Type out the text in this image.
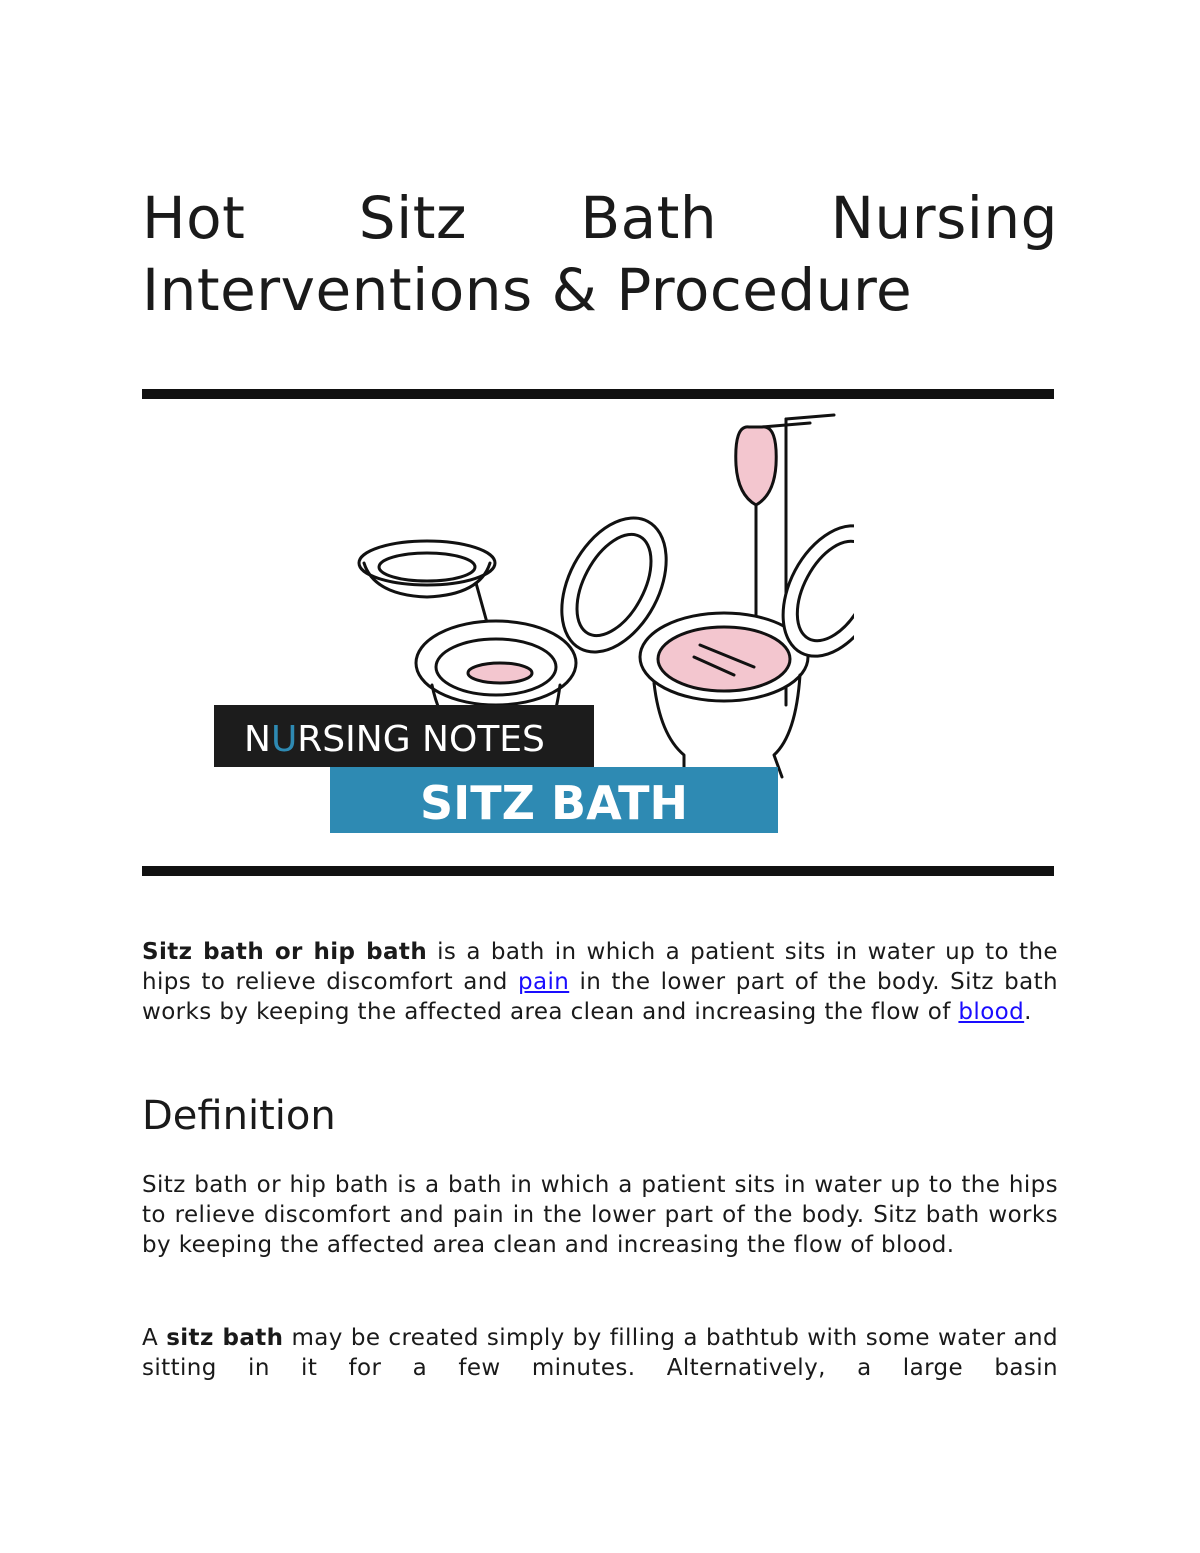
Hot Sitz Bath Nursing
Interventions & Procedure
NURSING NOTES
SITZ BATH

Sitz bath or hip bath is a bath in which a patient sits in water up to the hips to relieve discomfort and pain in the lower part of the body. Sitz bath works by keeping the affected area clean and increasing the flow of blood.

Definition

Sitz bath or hip bath is a bath in which a patient sits in water up to the hips to relieve discomfort and pain in the lower part of the body. Sitz bath works by keeping the affected area clean and increasing the flow of blood.

A sitz bath may be created simply by filling a bathtub with some water and sitting in it for a few minutes. Alternatively, a large basin
